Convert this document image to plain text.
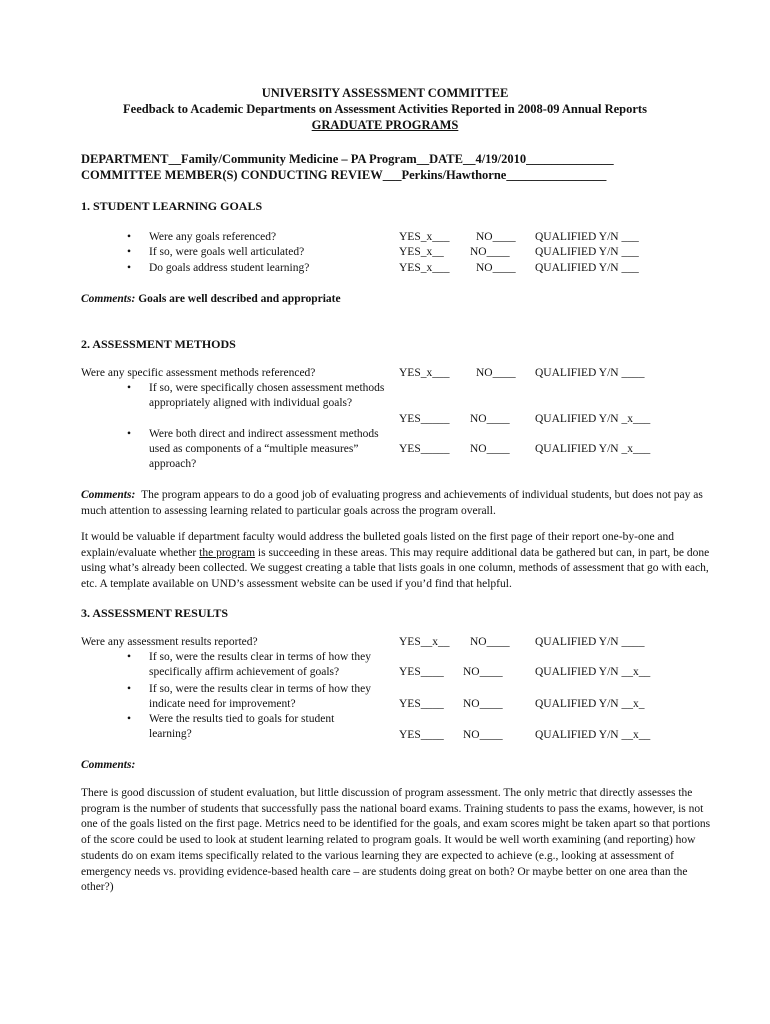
UNIVERSITY ASSESSMENT COMMITTEE
Feedback to Academic Departments on Assessment Activities Reported in 2008-09 Annual Reports
GRADUATE PROGRAMS
DEPARTMENT__Family/Community Medicine – PA Program__DATE__4/19/2010______________
COMMITTEE MEMBER(S) CONDUCTING REVIEW___Perkins/Hawthorne________________
1. STUDENT LEARNING GOALS
• Were any goals referenced?	YES_x___ NO____ QUALIFIED Y/N ___
• If so, were goals well articulated?	YES_x__ NO____ QUALIFIED Y/N ___
• Do goals address student learning?	YES_x___ NO____ QUALIFIED Y/N ___
Comments: Goals are well described and appropriate
2. ASSESSMENT METHODS
Were any specific assessment methods referenced?	YES_x___ NO____ QUALIFIED Y/N ____
• If so, were specifically chosen assessment methods appropriately aligned with individual goals?
YES_____ NO____ QUALIFIED Y/N _x___
• Were both direct and indirect assessment methods used as components of a “multiple measures” approach?
YES_____ NO____ QUALIFIED Y/N _x___
Comments: The program appears to do a good job of evaluating progress and achievements of individual students, but does not pay as much attention to assessing learning related to particular goals across the program overall.
It would be valuable if department faculty would address the bulleted goals listed on the first page of their report one-by-one and explain/evaluate whether the program is succeeding in these areas. This may require additional data be gathered but can, in part, be done using what’s already been collected. We suggest creating a table that lists goals in one column, methods of assessment that go with each, etc. A template available on UND’s assessment website can be used if you’d find that helpful.
3. ASSESSMENT RESULTS
Were any assessment results reported?	YES__x__ NO____ QUALIFIED Y/N ____
• If so, were the results clear in terms of how they specifically affirm achievement of goals?	YES____ NO____	QUALIFIED Y/N __x__
• If so, were the results clear in terms of how they indicate need for improvement?	YES____ NO____	QUALIFIED Y/N __x_
• Were the results tied to goals for student learning?	YES____ NO____	QUALIFIED Y/N __x__
Comments:
There is good discussion of student evaluation, but little discussion of program assessment. The only metric that directly assesses the program is the number of students that successfully pass the national board exams. Training students to pass the exams, however, is not one of the goals listed on the first page. Metrics need to be identified for the goals, and exam scores might be taken apart so that portions of the score could be used to look at student learning related to program goals. It would be well worth examining (and reporting) how students do on exam items specifically related to the various learning they are expected to achieve (e.g., looking at assessment of emergency needs vs. providing evidence-based health care – are students doing great on both? Or maybe better on one area than the other?)
